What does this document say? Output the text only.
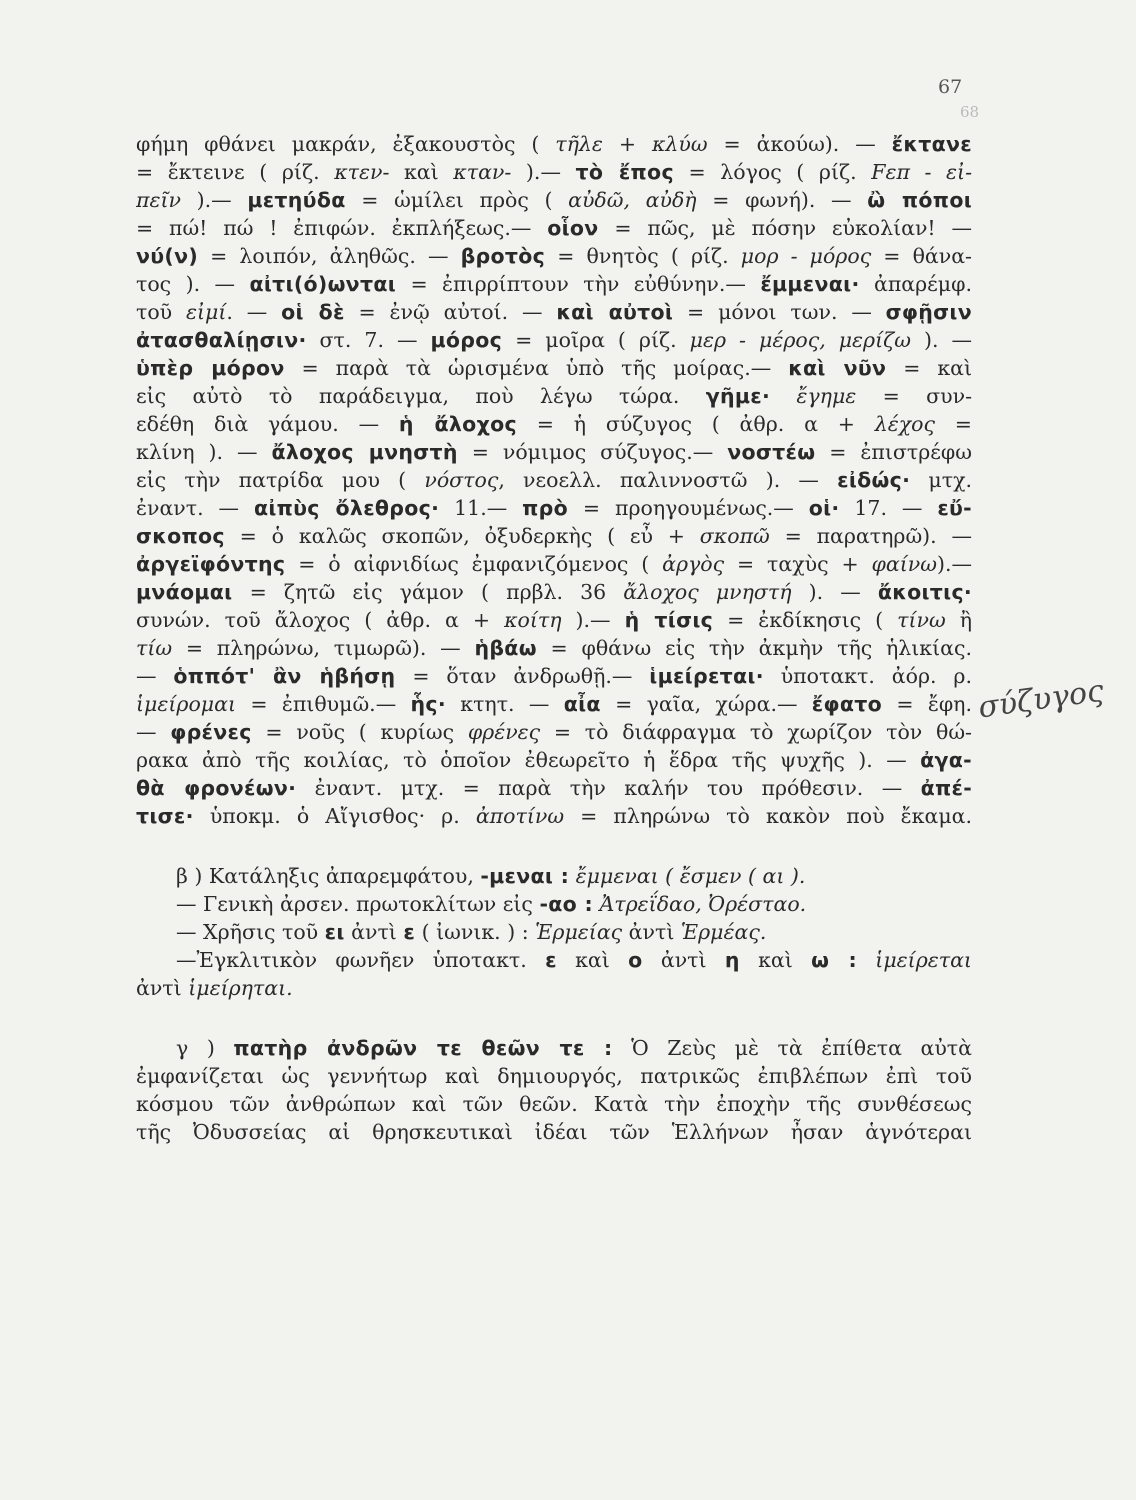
67
68
φήμη φθάνει μακράν, ἐξακουστὸς ( τῆλε + κλύω = ἀκούω). — ἔκτανε
= ἔκτεινε ( ρίζ. κτεν- καὶ κταν- ).— τὸ ἔπος = λόγος ( ρίζ. Fεπ - εἰ-
πεῖν ).— μετηύδα = ὡμίλει πρὸς ( αὐδῶ, αὐδὴ = φωνή). — ὢ πόποι
= πώ! πώ ! ἐπιφών. ἐκπλήξεως.— οἷον = πῶς, μὲ πόσην εὐκολίαν! —
νύ(ν) = λοιπόν, ἀληθῶς. — βροτὸς = θνητὸς ( ρίζ. μορ - μόρος = θάνα-
τος ). — αἰτι(ό)ωνται = ἐπιρρίπτουν τὴν εὐθύνην.— ἔμμεναι· ἀπαρέμφ.
τοῦ εἰμί. — οἱ δὲ = ἐνῷ αὐτοί. — καὶ αὐτοὶ = μόνοι των. — σφῇσιν
ἀτασθαλίῃσιν· στ. 7. — μόρος = μοῖρα ( ρίζ. μερ - μέρος, μερίζω ). —
ὑπὲρ μόρον = παρὰ τὰ ὡρισμένα ὑπὸ τῆς μοίρας.— καὶ νῦν = καὶ
εἰς αὐτὸ τὸ παράδειγμα, ποὺ λέγω τώρα. γῆμε· ἔγημε = συν-
εδέθη διὰ γάμου. — ἡ ἄλοχος = ἡ σύζυγος ( ἀθρ. α + λέχος =
κλίνη ). — ἄλοχος μνηστὴ = νόμιμος σύζυγος.— νοστέω = ἐπιστρέφω
εἰς τὴν πατρίδα μου ( νόστος, νεοελλ. παλιννοστῶ ). — εἰδώς· μτχ.
ἐναντ. — αἰπὺς ὄλεθρος· 11.— πρὸ = προηγουμένως.— οἱ· 17. — εὔ-
σκοπος = ὁ καλῶς σκοπῶν, ὀξυδερκὴς ( εὖ + σκοπῶ = παρατηρῶ). —
ἀργεϊφόντης = ὁ αἰφνιδίως ἐμφανιζόμενος ( ἀργὸς = ταχὺς + φαίνω).—
μνάομαι = ζητῶ εἰς γάμον ( πρβλ. 36 ἄλοχος μνηστή ). — ἄκοιτις·
συνών. τοῦ ἄλοχος ( ἀθρ. α + κοίτη ).— ἡ τίσις = ἐκδίκησις ( τίνω ἢ
τίω = πληρώνω, τιμωρῶ). — ἡβάω = φθάνω εἰς τὴν ἀκμὴν τῆς ἡλικίας.
— ὁππότ' ἂν ἡβήσῃ = ὅταν ἀνδρωθῇ.— ἱμείρεται· ὑποτακτ. ἀόρ. ρ.
ἱμείρομαι = ἐπιθυμῶ.— ἧς· κτητ. — αἶα = γαῖα, χώρα.— ἔφατο = ἔφη.
— φρένες = νοῦς ( κυρίως φρένες = τὸ διάφραγμα τὸ χωρίζον τὸν θώ-
ρακα ἀπὸ τῆς κοιλίας, τὸ ὁποῖον ἐθεωρεῖτο ἡ ἕδρα τῆς ψυχῆς ). — ἀγα-
θὰ φρονέων· ἐναντ. μτχ. = παρὰ τὴν καλήν του πρόθεσιν. — ἀπέ-
τισε· ὑποκμ. ὁ Αἴγισθος· ρ. ἀποτίνω = πληρώνω τὸ κακὸν ποὺ ἔκαμα.
β ) Κατάληξις ἀπαρεμφάτου, -μεναι : ἔμμεναι ( ἔσμεν ( αι ).
— Γενικὴ ἀρσεν. πρωτοκλίτων εἰς -αο : Ἀτρεΐδαο, Ὀρέσταο.
— Χρῆσις τοῦ ει ἀντὶ ε ( ἰωνικ. ) : Ἑρμείας ἀντὶ Ἑρμέας.
—Ἐγκλιτικὸν φωνῆεν ὑποτακτ. ε καὶ ο ἀντὶ η καὶ ω : ἱμείρεται
ἀντὶ ἱμείρηται.
γ ) πατὴρ ἀνδρῶν τε θεῶν τε : Ὁ Ζεὺς μὲ τὰ ἐπίθετα αὐτὰ
ἐμφανίζεται ὡς γεννήτωρ καὶ δημιουργός, πατρικῶς ἐπιβλέπων ἐπὶ τοῦ
κόσμου τῶν ἀνθρώπων καὶ τῶν θεῶν. Κατὰ τὴν ἐποχὴν τῆς συνθέσεως
τῆς Ὀδυσσείας αἱ θρησκευτικαὶ ἰδέαι τῶν Ἑλλήνων ἦσαν ἁγνότεραι
σύζυγος
